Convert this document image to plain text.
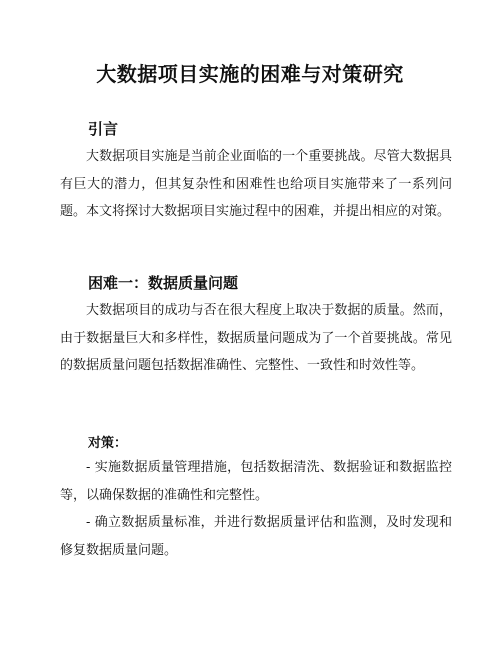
大数据项目实施的困难与对策研究
引言

大数据项目实施是当前企业面临的一个重要挑战。尽管大数据具有巨大的潜力，但其复杂性和困难性也给项目实施带来了一系列问题。本文将探讨大数据项目实施过程中的困难，并提出相应的对策。

困难一：数据质量问题

大数据项目的成功与否在很大程度上取决于数据的质量。然而，由于数据量巨大和多样性，数据质量问题成为了一个首要挑战。常见的数据质量问题包括数据准确性、完整性、一致性和时效性等。

对策：

- 实施数据质量管理措施，包括数据清洗、数据验证和数据监控等，以确保数据的准确性和完整性。

- 确立数据质量标准，并进行数据质量评估和监测，及时发现和修复数据质量问题。
